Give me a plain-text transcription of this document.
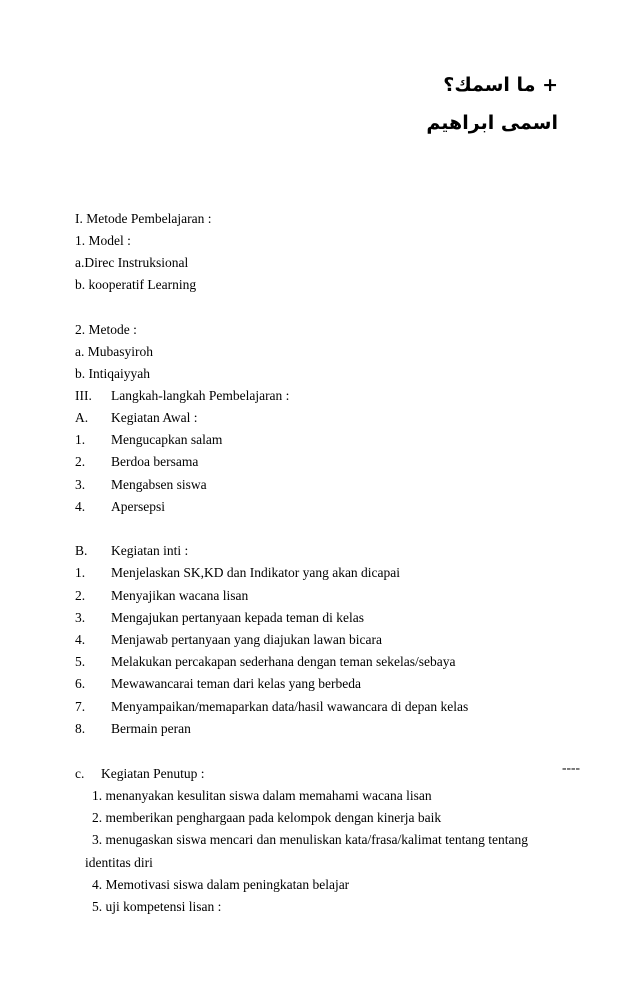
+ ما اسمك؟
اسمى ابراهيم
I. Metode Pembelajaran :
1. Model :
a.Direc Instruksional
b. kooperatif Learning
2. Metode :
a. Mubasyiroh
b. Intiqaiyyah
III. Langkah-langkah Pembelajaran :
A. Kegiatan Awal :
1. Mengucapkan salam
2. Berdoa bersama
3. Mengabsen siswa
4. Apersepsi
B. Kegiatan inti :
1. Menjelaskan SK,KD dan Indikator yang akan dicapai
2. Menyajikan wacana lisan
3. Mengajukan pertanyaan kepada teman di kelas
4. Menjawab pertanyaan yang diajukan lawan bicara
5. Melakukan percakapan sederhana dengan teman sekelas/sebaya
6. Mewawancarai teman dari kelas yang berbeda
7. Menyampaikan/memaparkan data/hasil wawancara di depan kelas
8. Bermain peran
c. Kegiatan Penutup :	----
1. menanyakan kesulitan siswa dalam memahami wacana lisan
2. memberikan penghargaan pada kelompok dengan kinerja baik
3. menugaskan siswa mencari dan menuliskan kata/frasa/kalimat tentang tentang
identitas diri
4. Memotivasi siswa dalam peningkatan belajar
5. uji kompetensi lisan :
